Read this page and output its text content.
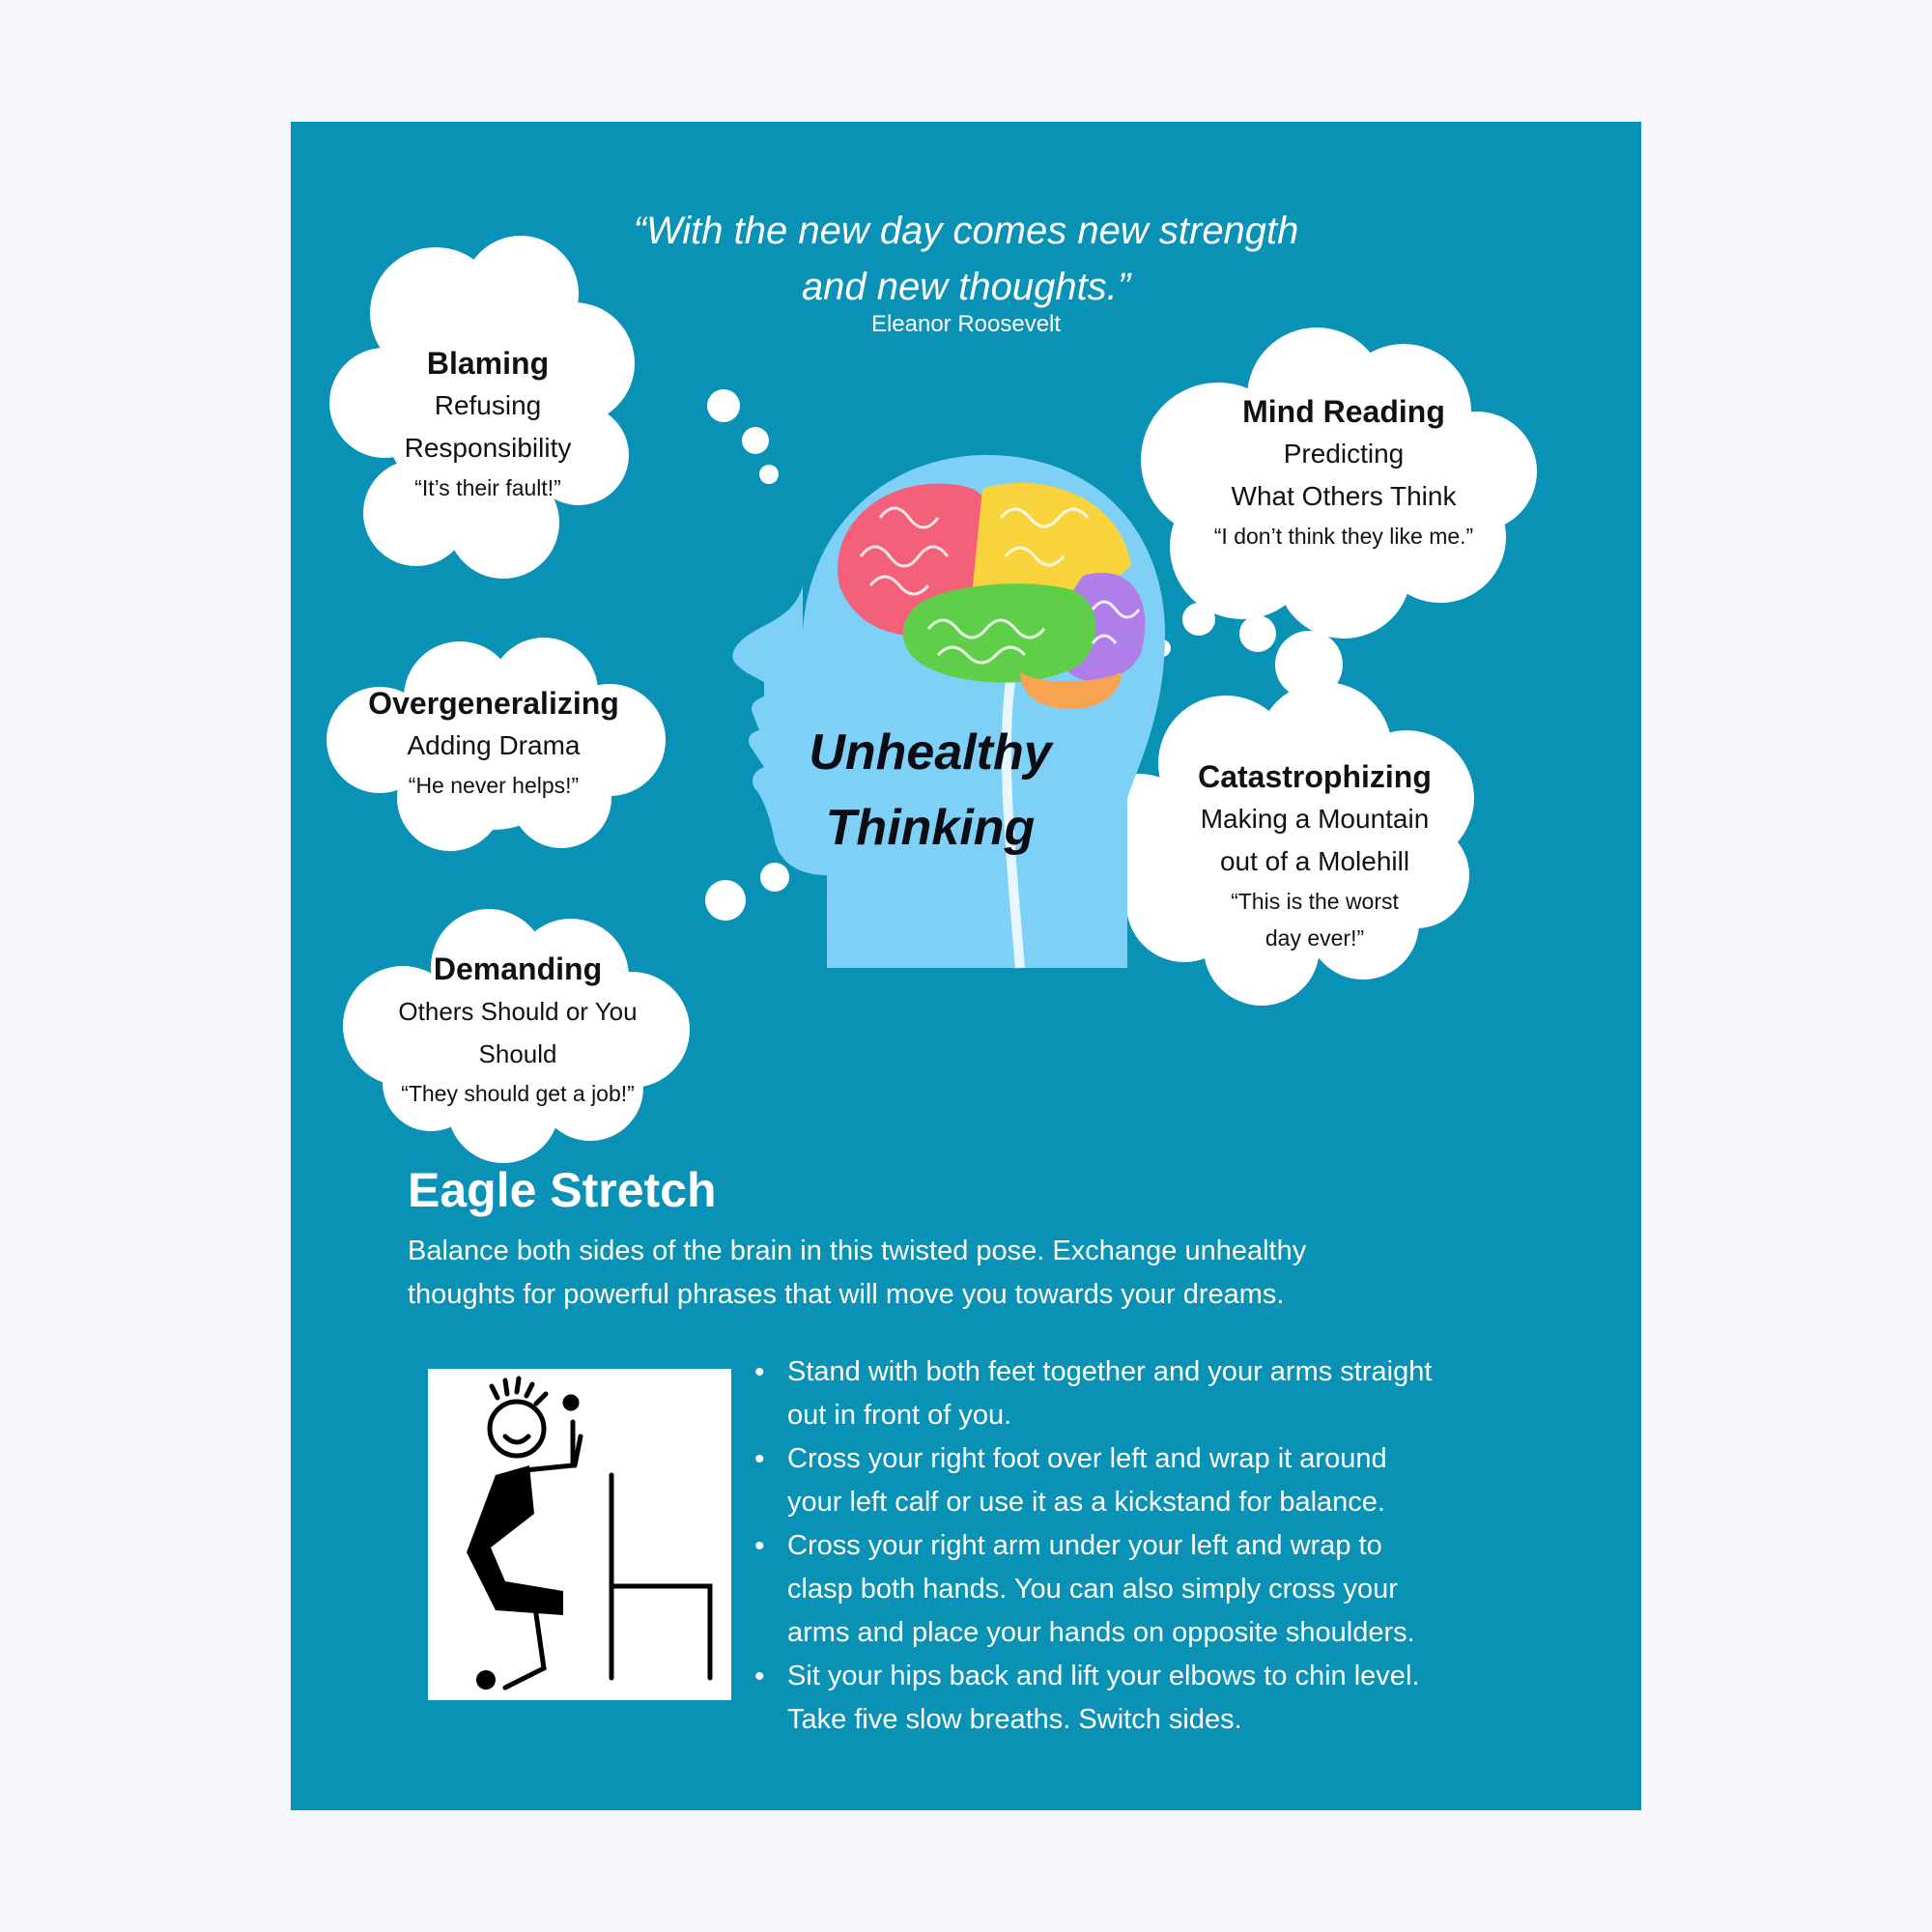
“With the new day comes new strength
and new thoughts.”

Eleanor Roosevelt
Blaming
Refusing
Responsibility
“It’s their fault!”
Mind Reading
Predicting
What Others Think
“I don’t think they like me.”
Overgeneralizing
Adding Drama
“He never helps!”	Catastrophizing
Making a Mountain
out of a Molehill
“This is the worst
day ever!”
Demanding
Others Should or You Should
“They should get a job!”
Unhealthy
Thinking
Eagle Stretch

Balance both sides of the brain in this twisted pose. Exchange unhealthy
thoughts for powerful phrases that will move you towards your dreams.

• Stand with both feet together and your arms straight
out in front of you.
• Cross your right foot over left and wrap it around
your left calf or use it as a kickstand for balance.
• Cross your right arm under your left and wrap to
clasp both hands. You can also simply cross your
arms and place your hands on opposite shoulders.
• Sit your hips back and lift your elbows to chin level.
Take five slow breaths. Switch sides.
